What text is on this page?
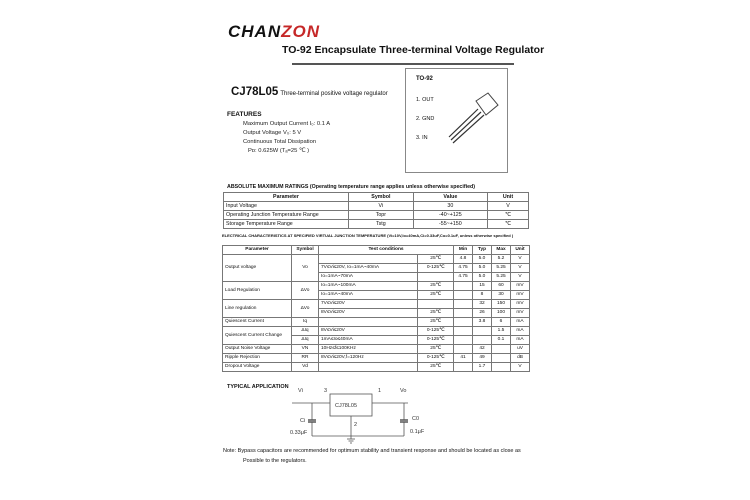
CHANZON
TO-92 Encapsulate Three-terminal Voltage Regulator
CJ78L05 Three-terminal positive voltage regulator
FEATURES
Maximum Output Current I₀: 0.1 A
Output Voltage V₀: 5 V
Continuous Total Dissipation
Pᴅ: 0.625W (Tₐ=25 ℃ )
TO-92
1. OUT
2. GND
3. IN
ABSOLUTE MAXIMUM RATINGS (Operating temperature range applies unless otherwise specified)
Parameter	Symbol	Value	Unit
Input Voltage	Vi	30	V
Operating Junction Temperature Range	Topr	-40~+125	℃
Storage Temperature Range	Tstg	-55~+150	℃
ELECTRICAL CHARACTERISTICS AT SPECIFIED VIRTUAL JUNCTION TEMPERATURE (Vi=10V,Io=40mA,Ci=0.33uF,Co=0.1uF, unless otherwise specified )
Parameter	Symbol	Test conditions		Min	Typ	Max	Unit
Output voltage	Vo		25℃	4.8	5.0	5.2	V
		7V≤Vi≤20V, Io=1mA~40mA	0-125℃	4.75	5.0	5.25	V
		Io=1mA~70mA		4.75	5.0	5.25	V
Load Regulation	ΔVo	Io=1mA~100mA	25℃		15	60	mV
		Io=1mA~40mA	25℃		8	30	mV
Line regulation	ΔVo	7V≤Vi≤20V			32	150	mV
		8V≤Vi≤20V	25℃		26	100	mV
Quiescent Current	Iq		25℃		3.8	6	mA
Quiescent Current Change	ΔIq	8V≤Vi≤20V	0-125℃			1.5	mA
	ΔIq	1mA≤Io≤40mA	0-125℃			0.1	mA
Output Noise Voltage	VN	10Hz≤f≤100KHz	25℃		42		uV
Ripple Rejection	RR	8V≤Vi≤20V,f=120Hz	0-125℃	41	49		dB
Dropout Voltage	Vd		25℃		1.7		V
TYPICAL APPLICATION
Vi	3
CJ78L05
1	Vo
2
Ci
0.33μF
C0
0.1μF
Note: Bypass capacitors are recommended for optimum stability and transient response and should be located as close as
Possible to the regulators.
